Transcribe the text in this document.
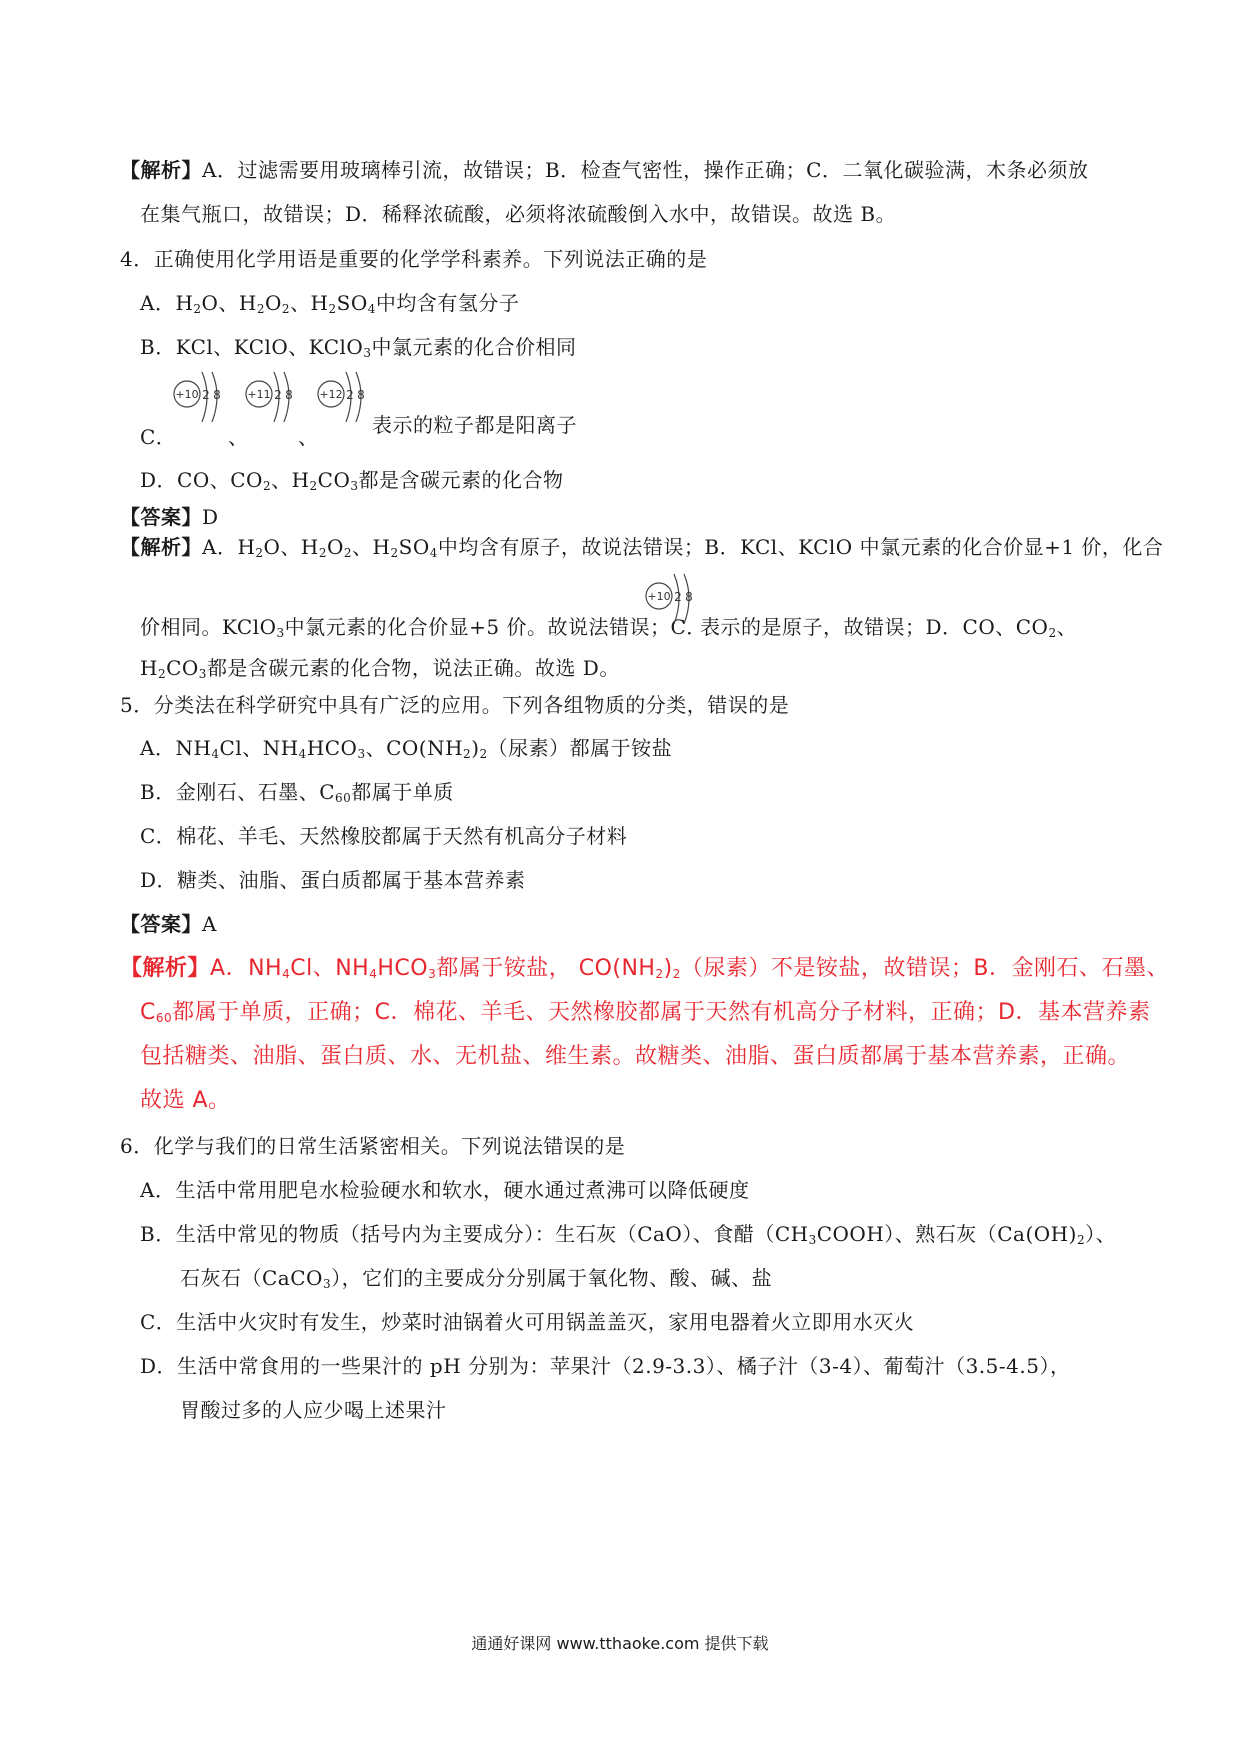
【解析】A．过滤需要用玻璃棒引流，故错误；B．检查气密性，操作正确；C．二氧化碳验满，木条必须放
在集气瓶口，故错误；D．稀释浓硫酸，必须将浓硫酸倒入水中，故错误。故选 B。
4．正确使用化学用语是重要的化学学科素养。下列说法正确的是
A．$H_2O$、$H_2O_2$、$H_2SO_4$中均含有氢分子
B．KCl、KClO、KClO$_3$中氯元素的化合价相同
C．
+10 2 8
、
+11 2 8
、
+12 2 8
表示的粒子都是阳离子
D．CO、$CO_2$、$H_2CO_3$都是含碳元素的化合物
【答案】D
【解析】A．$H_2O$、$H_2O_2$、$H_2SO_4$中均含有原子，故说法错误；B．KCl、KClO 中氯元素的化合价显+1 价，化合
价相同。KClO$_3$中氯元素的化合价显+5 价。故说法错误；C．
+10 2 8
表示的是原子，故错误；D．CO、$CO_2$、
$H_2CO_3$都是含碳元素的化合物，说法正确。故选 D。
5．分类法在科学研究中具有广泛的应用。下列各组物质的分类，错误的是
A．$NH_4Cl$、$NH_4HCO_3$、$CO(NH_2)_2$（尿素）都属于铵盐
B．金刚石、石墨、$C_{60}$都属于单质
C．棉花、羊毛、天然橡胶都属于天然有机高分子材料
D．糖类、油脂、蛋白质都属于基本营养素
【答案】A
【解析】A．$NH_4Cl$、$NH_4HCO_3$都属于铵盐， $CO(NH_2)_2$（尿素）不是铵盐，故错误；B．金刚石、石墨、
$C_{60}$都属于单质，正确；C．棉花、羊毛、天然橡胶都属于天然有机高分子材料，正确；D．基本营养素
包括糖类、油脂、蛋白质、水、无机盐、维生素。故糖类、油脂、蛋白质都属于基本营养素，正确。
故选 A。
6．化学与我们的日常生活紧密相关。下列说法错误的是
A．生活中常用肥皂水检验硬水和软水，硬水通过煮沸可以降低硬度
B．生活中常见的物质（括号内为主要成分）：生石灰（CaO）、食醋$(CH_3COOH)$、熟石灰$(Ca(OH)_2)$、
石灰石（CaCO$_3$），它们的主要成分分别属于氧化物、酸、碱、盐
C．生活中火灾时有发生，炒菜时油锅着火可用锅盖盖灭，家用电器着火立即用水灭火
D．生活中常食用的一些果汁的 pH 分别为：苹果汁（2.9-3.3）、橘子汁（3-4）、葡萄汁（3.5-4.5），
胃酸过多的人应少喝上述果汁
通通好课网 www.tthaoke.com 提供下载
